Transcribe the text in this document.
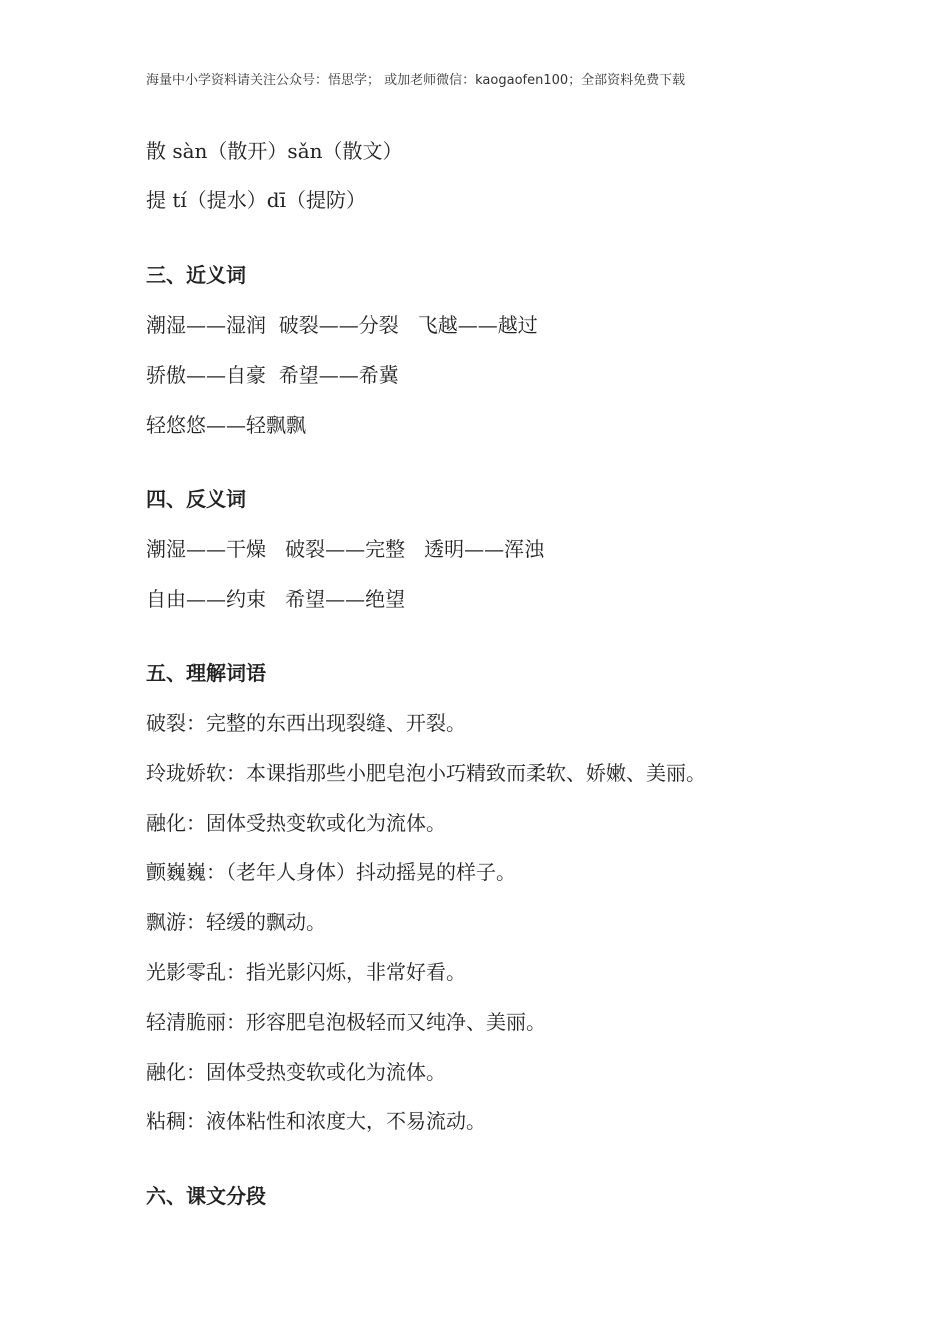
海量中小学资料请关注公众号：悟思学； 或加老师微信：kaogaofen100；全部资料免费下载
散 sàn（散开）sǎn（散文）
提 tí（提水）dī（提防）
三、近义词
潮湿——湿润  破裂——分裂   飞越——越过
骄傲——自豪  希望——希冀
轻悠悠——轻飘飘
四、反义词
潮湿——干燥   破裂——完整   透明——浑浊
自由——约束   希望——绝望
五、理解词语
破裂：完整的东西出现裂缝、开裂。
玲珑娇软：本课指那些小肥皂泡小巧精致而柔软、娇嫩、美丽。
融化：固体受热变软或化为流体。
颤巍巍：（老年人身体）抖动摇晃的样子。
飘游：轻缓的飘动。
光影零乱：指光影闪烁，非常好看。
轻清脆丽：形容肥皂泡极轻而又纯净、美丽。
融化：固体受热变软或化为流体。
粘稠：液体粘性和浓度大，不易流动。
六、课文分段
